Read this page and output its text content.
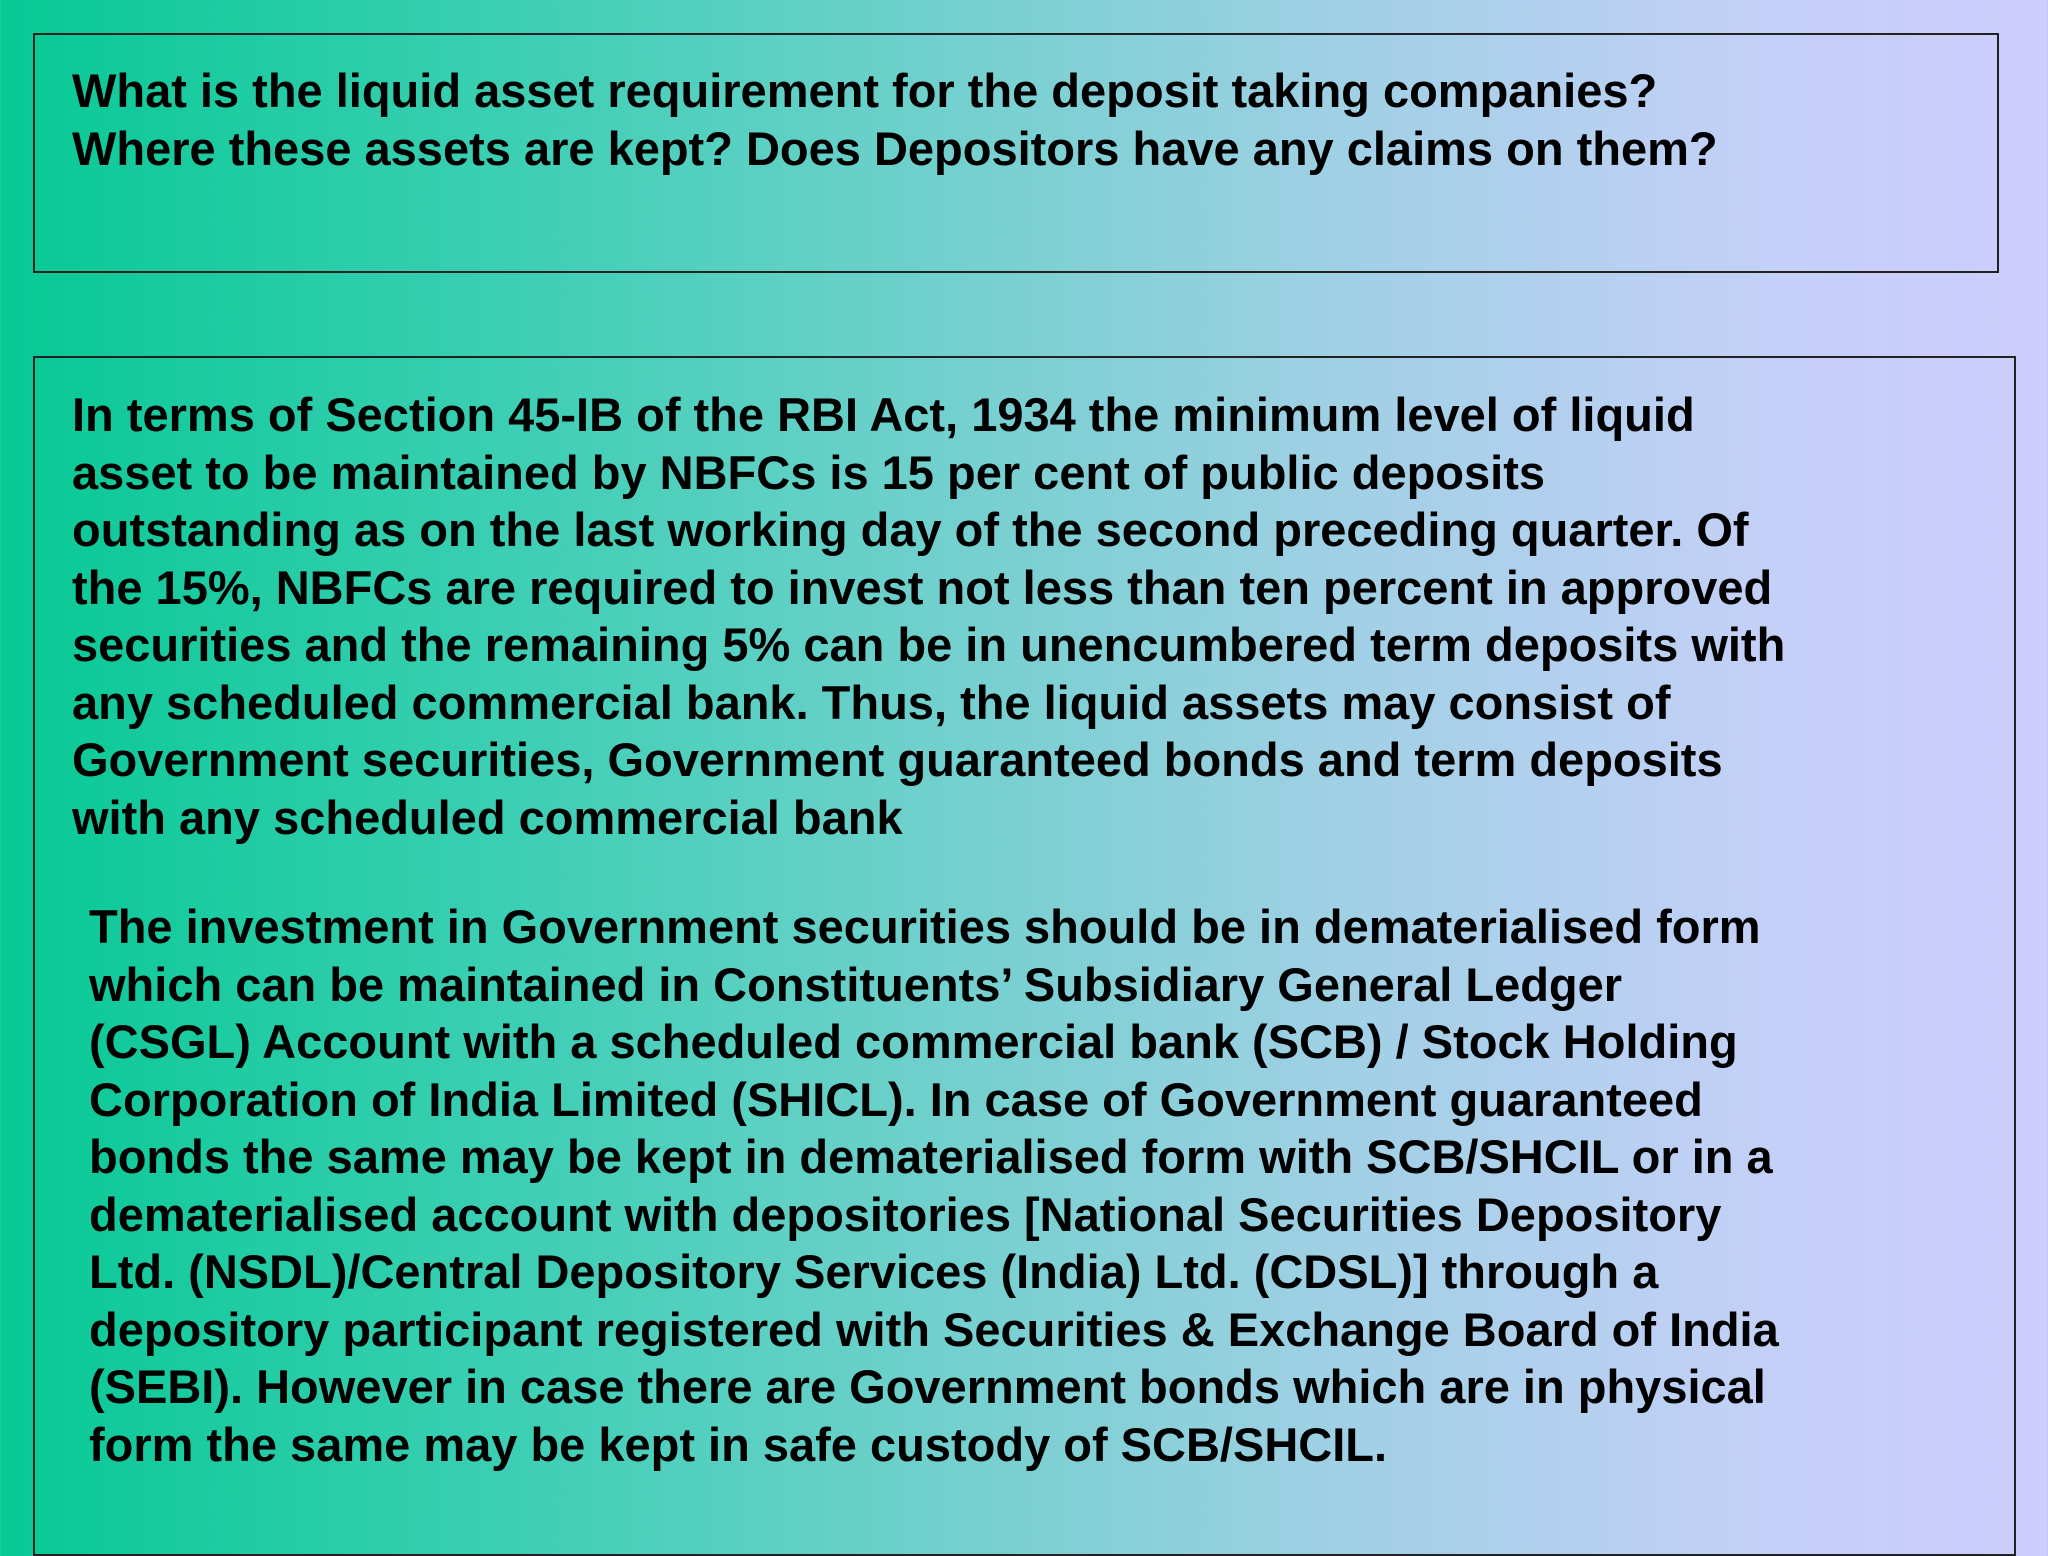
What is the liquid asset requirement for the deposit taking companies?
Where these assets are kept? Does Depositors have any claims on them?

In terms of Section 45-IB of the RBI Act, 1934 the minimum level of liquid
asset to be maintained by NBFCs is 15 per cent of public deposits
outstanding as on the last working day of the second preceding quarter. Of
the 15%, NBFCs are required to invest not less than ten percent in approved
securities and the remaining 5% can be in unencumbered term deposits with
any scheduled commercial bank. Thus, the liquid assets may consist of
Government securities, Government guaranteed bonds and term deposits
with any scheduled commercial bank

The investment in Government securities should be in dematerialised form
which can be maintained in Constituents’ Subsidiary General Ledger
(CSGL) Account with a scheduled commercial bank (SCB) / Stock Holding
Corporation of India Limited (SHICL). In case of Government guaranteed
bonds the same may be kept in dematerialised form with SCB/SHCIL or in a
dematerialised account with depositories [National Securities Depository
Ltd. (NSDL)/Central Depository Services (India) Ltd. (CDSL)] through a
depository participant registered with Securities & Exchange Board of India
(SEBI). However in case there are Government bonds which are in physical
form the same may be kept in safe custody of SCB/SHCIL.
